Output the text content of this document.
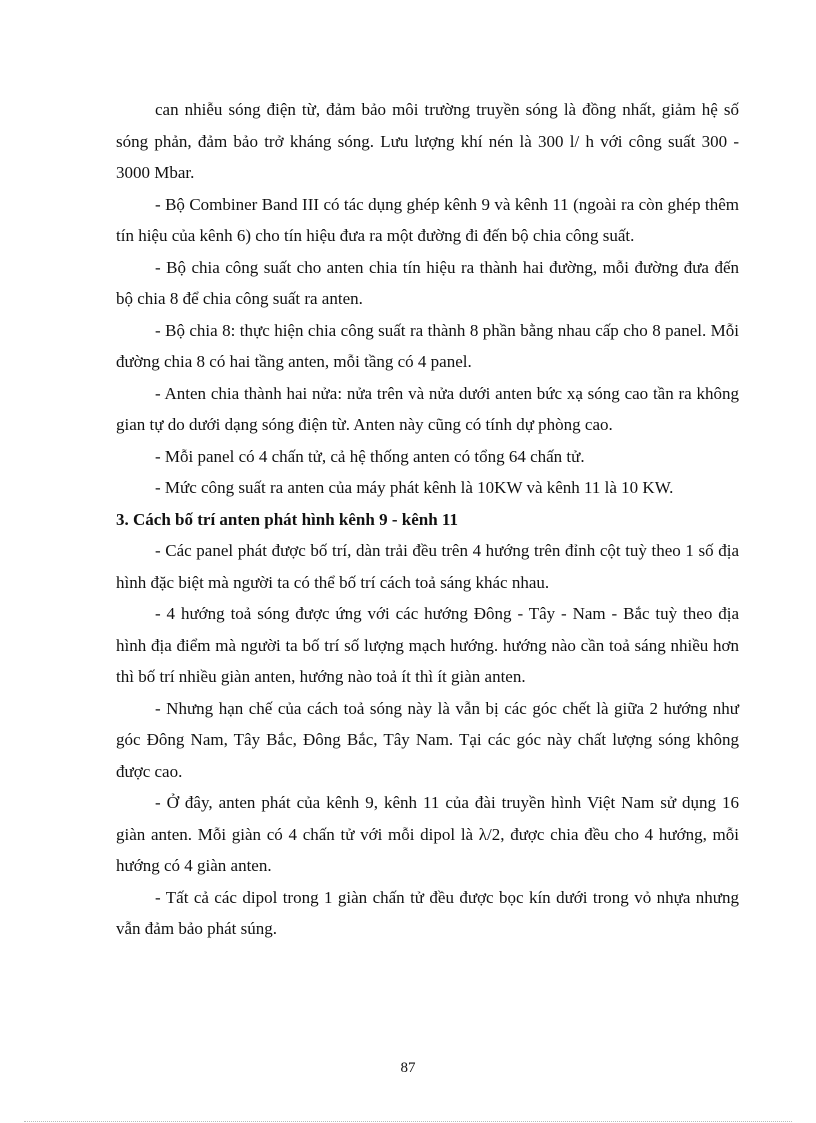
can nhiễu sóng điện từ, đảm bảo môi trường truyền sóng là đồng nhất, giảm hệ số sóng phản, đảm bảo trở kháng sóng. Lưu lượng khí nén là 300 l/ h với công suất 300 - 3000 Mbar.

- Bộ Combiner Band III có tác dụng ghép kênh 9 và kênh 11 (ngoài ra còn ghép thêm tín hiệu của kênh 6) cho tín hiệu đưa ra một đường đi đến bộ chia công suất.

- Bộ chia công suất cho anten chia tín hiệu ra thành hai đường, mỗi đường đưa đến bộ chia 8 để chia công suất ra anten.

- Bộ chia 8: thực hiện chia công suất ra thành 8 phần bằng nhau cấp cho 8 panel. Mỗi đường chia 8 có hai tầng anten, mỗi tầng có 4 panel.

- Anten chia thành hai nửa: nửa trên và nửa dưới anten bức xạ sóng cao tần ra không gian tự do dưới dạng sóng điện từ. Anten này cũng có tính dự phòng cao.

- Mỗi panel có 4 chấn tử, cả hệ thống anten có tổng 64 chấn tử.

- Mức công suất ra anten của máy phát kênh là 10KW và kênh 11 là 10 KW.

3. Cách bố trí anten phát hình kênh 9 - kênh 11

- Các panel phát được bố trí, dàn trải đều trên 4 hướng trên đỉnh cột tuỳ theo 1 số địa hình đặc biệt mà người ta có thể bố trí cách toả sáng khác nhau.

- 4 hướng toả sóng được ứng với các hướng Đông - Tây - Nam - Bắc tuỳ theo địa hình địa điểm mà người ta bố trí số lượng mạch hướng. hướng nào cần toả sáng nhiều hơn thì bố trí nhiều giàn anten, hướng nào toả ít thì ít giàn anten.

- Nhưng hạn chế của cách toả sóng này là vẫn bị các góc chết là giữa 2 hướng như góc Đông Nam, Tây Bắc, Đông Bắc, Tây Nam. Tại các góc này chất lượng sóng không được cao.

- Ở đây, anten phát của kênh 9, kênh 11 của đài truyền hình Việt Nam sử dụng 16 giàn anten. Mỗi giàn có 4 chấn tử với mỗi dipol là λ/2, được chia đều cho 4 hướng, mỗi hướng có 4 giàn anten.

- Tất cả các dipol trong 1 giàn chấn tử đều được bọc kín dưới trong vỏ nhựa nhưng vẫn đảm bảo phát súng.

87
